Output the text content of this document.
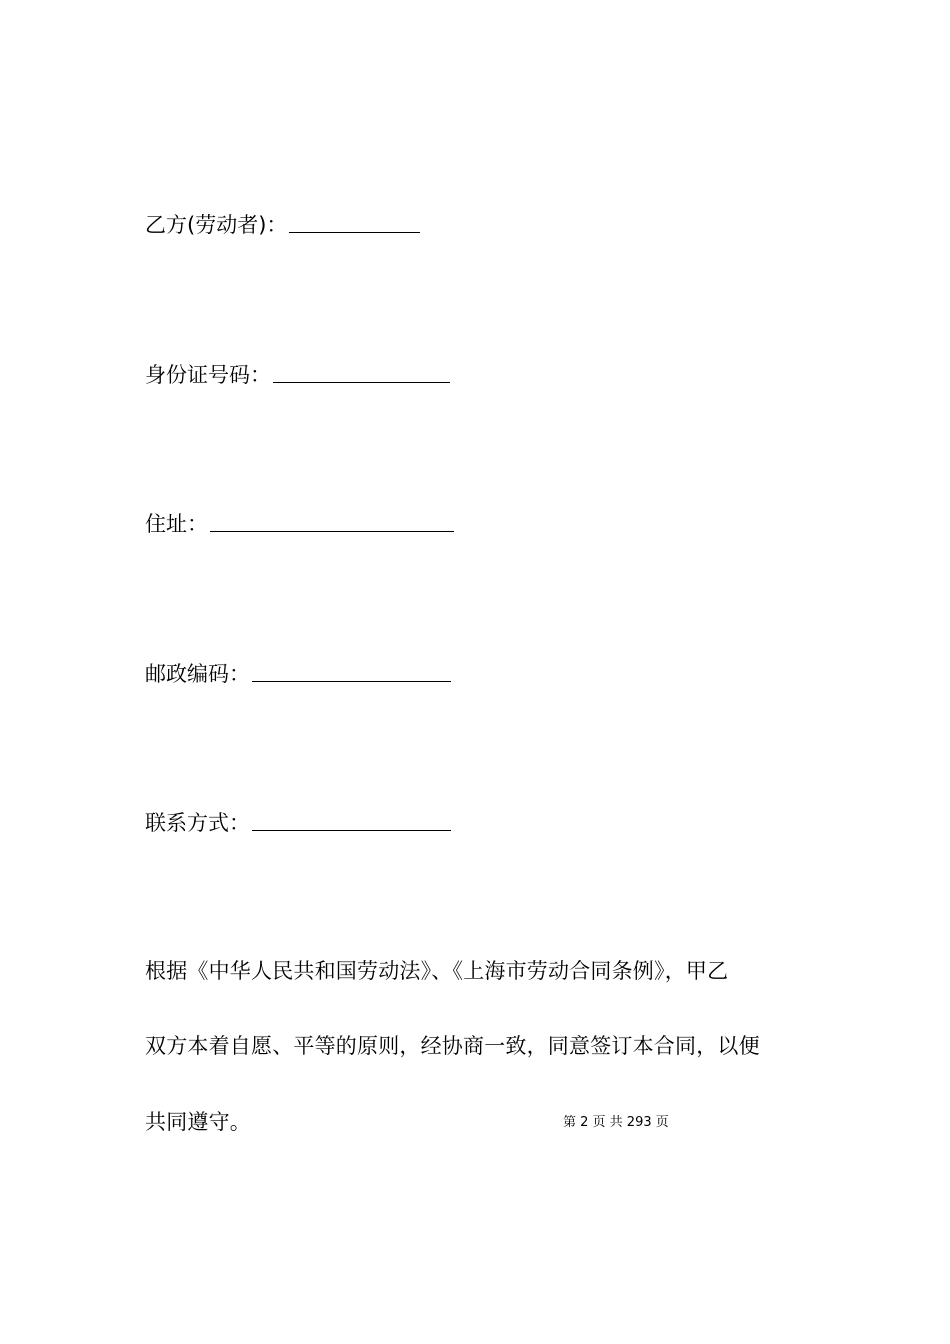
乙方(劳动者)：
身份证号码：
住址：
邮政编码：
联系方式：
根据《中华人民共和国劳动法》、《上海市劳动合同条例》，甲乙
双方本着自愿、平等的原则，经协商一致，同意签订本合同，以便
共同遵守。	第 2 页 共 293 页
